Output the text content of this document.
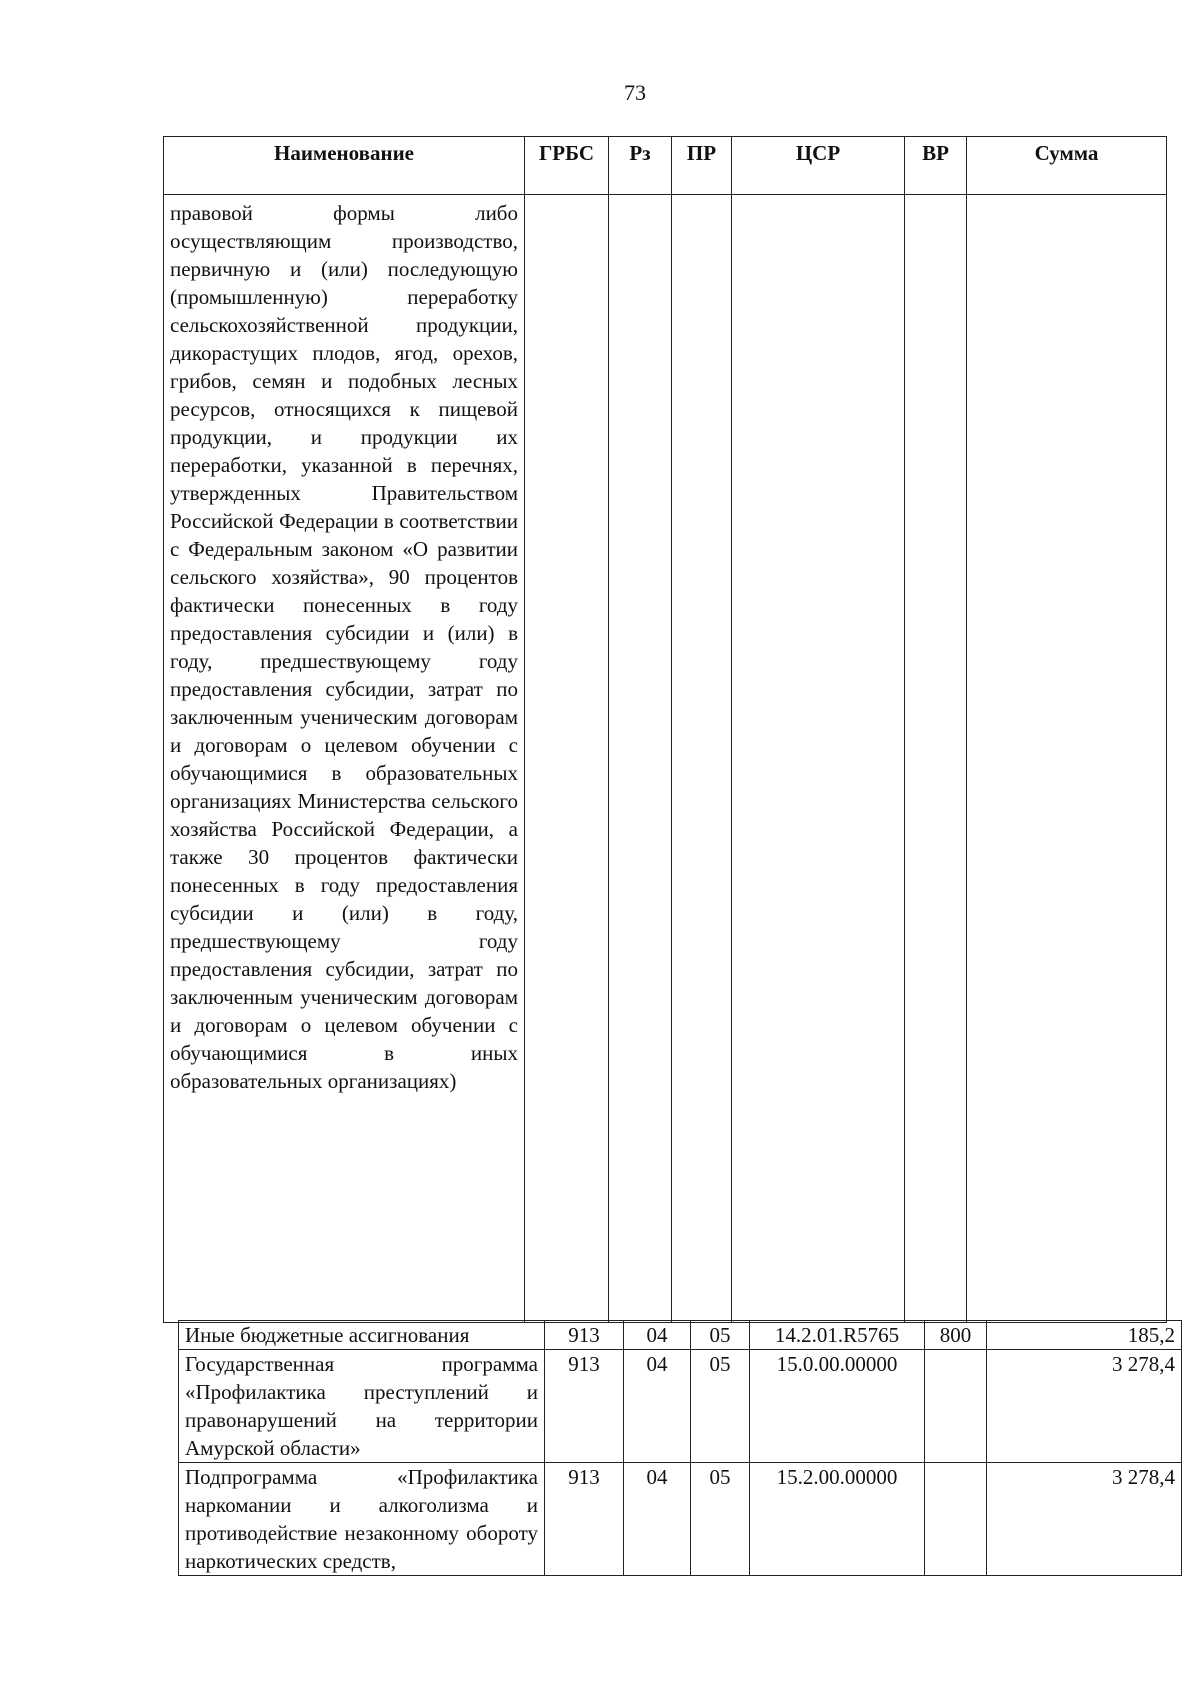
73
Наименование	ГРБС	Рз	ПР	ЦСР	ВР	Сумма
правовой формы либо осуществляющим производство, первичную и (или) последующую (промышленную) переработку сельскохозяйственной продукции, дикорастущих плодов, ягод, орехов, грибов, семян и подобных лесных ресурсов, относящихся к пищевой продукции, и продукции их переработки, указанной в перечнях, утвержденных Правительством Российской Федерации в соответствии с Федеральным законом «О развитии сельского хозяйства», 90 процентов фактически понесенных в году предоставления субсидии и (или) в году, предшествующему году предоставления субсидии, затрат по заключенным ученическим договорам и договорам о целевом обучении с обучающимися в образовательных организациях Министерства сельского хозяйства Российской Федерации, а также 30 процентов фактически понесенных в году предоставления субсидии и (или) в году, предшествующему году предоставления субсидии, затрат по заключенным ученическим договорам и договорам о целевом обучении с обучающимися в иных образовательных организациях)						
Иные бюджетные ассигнования	913	04	05	14.2.01.R5765	800	185,2
Государственная программа «Профилактика преступлений и правонарушений на территории Амурской области»	913	04	05	15.0.00.00000		3 278,4
Подпрограмма «Профилактика наркомании и алкоголизма и противодействие незаконному обороту наркотических средств,	913	04	05	15.2.00.00000		3 278,4
